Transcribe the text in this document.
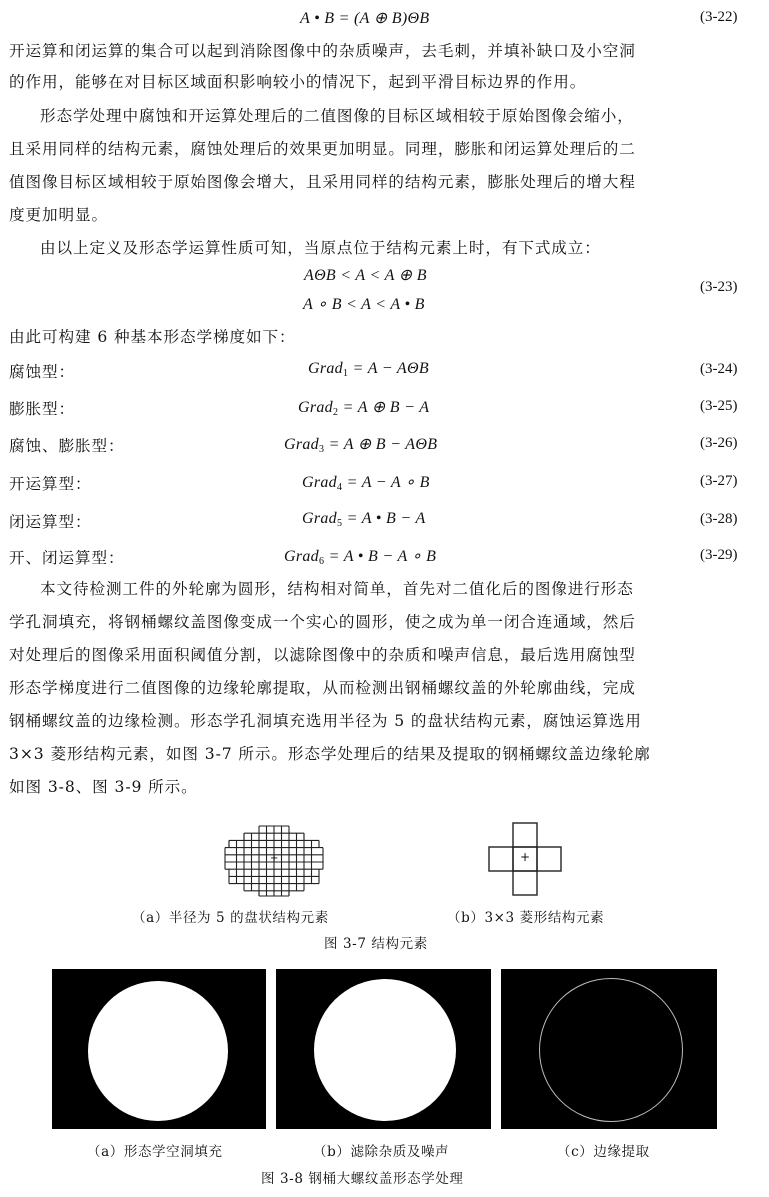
A • B = (A ⊕ B)ΘB	(3-22)
开运算和闭运算的集合可以起到消除图像中的杂质噪声，去毛刺，并填补缺口及小空洞
的作用，能够在对目标区域面积影响较小的情况下，起到平滑目标边界的作用。
形态学处理中腐蚀和开运算处理后的二值图像的目标区域相较于原始图像会缩小，
且采用同样的结构元素，腐蚀处理后的效果更加明显。同理，膨胀和闭运算处理后的二
值图像目标区域相较于原始图像会增大，且采用同样的结构元素，膨胀处理后的增大程
度更加明显。
由以上定义及形态学运算性质可知，当原点位于结构元素上时，有下式成立：
AΘB < A < A ⊕ B
A ∘ B < A < A • B
(3-23)
由此可构建 6 种基本形态学梯度如下：
腐蚀型：	Grad$_1$ = A − AΘB	(3-24)
膨胀型：	Grad$_2$ = A ⊕ B − A	(3-25)
腐蚀、膨胀型：	Grad$_3$ = A ⊕ B − AΘB	(3-26)
开运算型：	Grad$_4$ = A − A ∘ B	(3-27)
闭运算型：	Grad$_5$ = A • B − A	(3-28)
开、闭运算型：	Grad$_6$ = A • B − A ∘ B	(3-29)
本文待检测工件的外轮廓为圆形，结构相对简单，首先对二值化后的图像进行形态
学孔洞填充，将钢桶螺纹盖图像变成一个实心的圆形，使之成为单一闭合连通域，然后
对处理后的图像采用面积阈值分割，以滤除图像中的杂质和噪声信息，最后选用腐蚀型
形态学梯度进行二值图像的边缘轮廓提取，从而检测出钢桶螺纹盖的外轮廓曲线，完成
钢桶螺纹盖的边缘检测。形态学孔洞填充选用半径为 5 的盘状结构元素，腐蚀运算选用
3×3 菱形结构元素，如图 3-7 所示。形态学处理后的结果及提取的钢桶螺纹盖边缘轮廓
如图 3-8、图 3-9 所示。
+	+
（a）半径为 5 的盘状结构元素	（b）3×3 菱形结构元素
图 3-7 结构元素
（a）形态学空洞填充	（b）滤除杂质及噪声	（c）边缘提取
图 3-8 钢桶大螺纹盖形态学处理
